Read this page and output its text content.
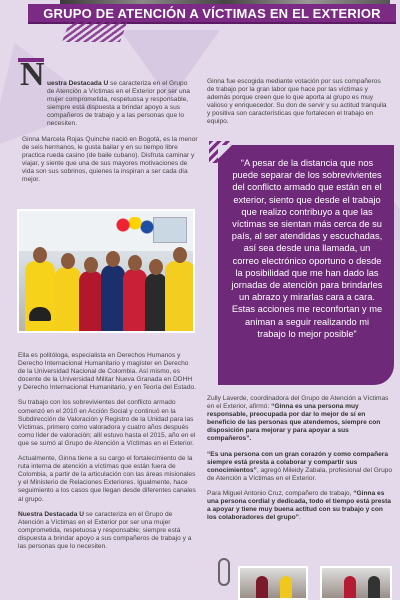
GRUPO DE ATENCIÓN A VÍCTIMAS EN EL EXTERIOR
N uestra Destacada U se caracteriza en el Grupo de Atención a Víctimas en el Exterior por ser una mujer comprometida, respetuosa y responsable, siempre está dispuesta a brindar apoyo a sus compañeros de trabajo y a las personas que lo necesiten.

Ginna Marcela Rojas Quinche nació en Bogotá, es la menor de seis hermanos, le gusta bailar y en su tiempo libre practica rueda casino (de baile cubano). Disfruta caminar y viajar, y siente que una de sus mayores motivaciones de vida son sus sobrinos, quienes la inspiran a ser cada día mejor.

Ella es politóloga, especialista en Derechos Humanos y Derecho Internacional Humanitario y magíster en Derecho de la Universidad Nacional de Colombia. Así mismo, es docente de la Universidad Militar Nueva Granada en DDHH y Derecho Internacional Humanitario, y en Teoría del Estado.

Su trabajo con los sobrevivientes del conflicto armado comenzó en el 2010 en Acción Social y continuó en la Subdirección de Valoración y Registro de la Unidad para las Víctimas, primero como valoradora y cuatro años después como líder de valoración; allí estuvo hasta el 2015, año en el que se sumó al Grupo de Atención a Víctimas en el Exterior.

Actualmente, Ginna tiene a su cargo el fortalecimiento de la ruta interna de atención a víctimas que están fuera de Colombia, a partir de la articulación con las áreas misionales y el Ministerio de Relaciones Exteriores. Igualmente, hace seguimiento a los casos que llegan desde diferentes canales al grupo.

Nuestra Destacada U se caracteriza en el Grupo de Atención a Víctimas en el Exterior por ser una mujer comprometida, respetuosa y responsable; siempre está dispuesta a brindar apoyo a sus compañeros de trabajo y a las personas que lo necesiten.

Ginna fue escogida mediante votación por sus compañeros de trabajo por la gran labor que hace por las víctimas y además porque creen que lo que aporta al grupo es muy valioso y enriquecedor. Su don de servir y su actitud tranquila y positiva son características que fortalecen el trabajo en equipo.

“A pesar de la distancia que nos puede separar de los sobrevivientes del conflicto armado que están en el exterior, siento que desde el trabajo que realizo contribuyo a que las víctimas se sientan más cerca de su país, al ser atendidas y escuchadas, así sea desde una llamada, un correo electrónico oportuno o desde la posibilidad que me han dado las jornadas de atención para brindarles un abrazo y mirarlas cara a cara. Estas acciones me reconfortan y me animan a seguir realizando mi trabajo lo mejor posible”

Zully Laverde, coordinadora del Grupo de Atención a Víctimas en el Exterior, afirmó: “Ginna es una persona muy responsable, preocupada por dar lo mejor de sí en beneficio de las personas que atendemos, siempre con disposición para mejorar y para apoyar a sus compañeros”.

“Es una persona con un gran corazón y como compañera siempre está presta a colaborar y compartir sus conocimientos”, agregó Mileidy Zabala, profesional del Grupo de Atención a Víctimas en el Exterior.

Para Miguel Antonio Cruz, compañero de trabajo, “Ginna es una persona cordial y dedicada, todo el tiempo está presta a apoyar y tiene muy buena actitud con su trabajo y con los colaboradores del grupo”.
